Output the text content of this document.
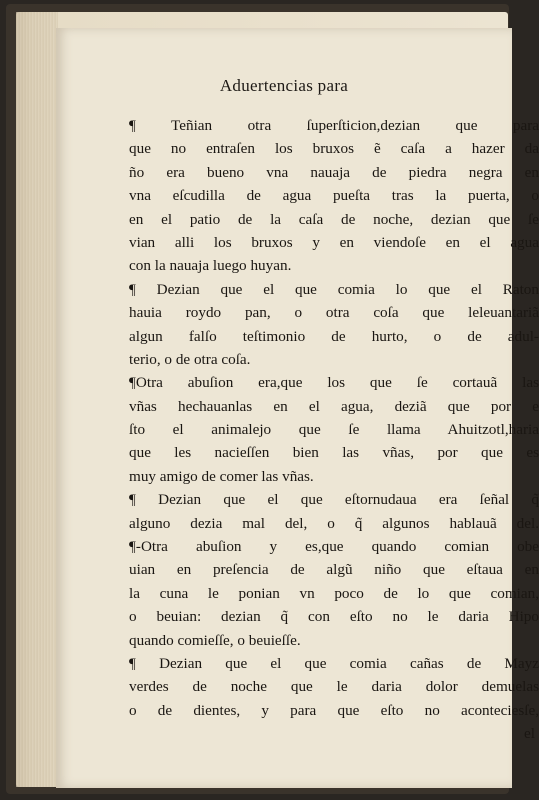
Aduertencias para
¶ Teñian otra ſuperſticion,dezian que para
que no entraſen los bruxos ẽ caſa a hazer da
ño era bueno vna nauaja de piedra negra en
vna eſcudilla de agua pueſta tras la puerta, o
en el patio de la caſa de noche, dezian que ſe
vian alli los bruxos y en viendoſe en el agua
con la nauaja luego huyan.
¶ Dezian que el que comia lo que el Raton
hauia roydo pan, o otra coſa que leleuantariã
algun falſo teſtimonio de hurto, o de adul-
terio, o de otra coſa.
¶Otra abuſion era,que los que ſe cortauã las
vñas hechauanlas en el agua, deziã que por e
ſto el animalejo que ſe llama Ahuitzotl,haria
que les nacieſſen bien las vñas, por que es
muy amigo de comer las vñas.
¶ Dezian que el que eſtornudaua era ſeñal q̃
alguno dezia mal del, o q̃ algunos hablauã del.
¶-Otra abuſion y es,que quando comian obe
uian en preſencia de algũ niño que eſtaua en
la cuna le ponian vn poco de lo que comian,
o beuian: dezian q̃ con eſto no le daria Hipo
quando comieſſe, o beuieſſe.
¶ Dezian que el que comia cañas de Mayz
verdes de noche que le daria dolor demuelas
o de dientes, y para que eſto no aconteciesſe,
el
